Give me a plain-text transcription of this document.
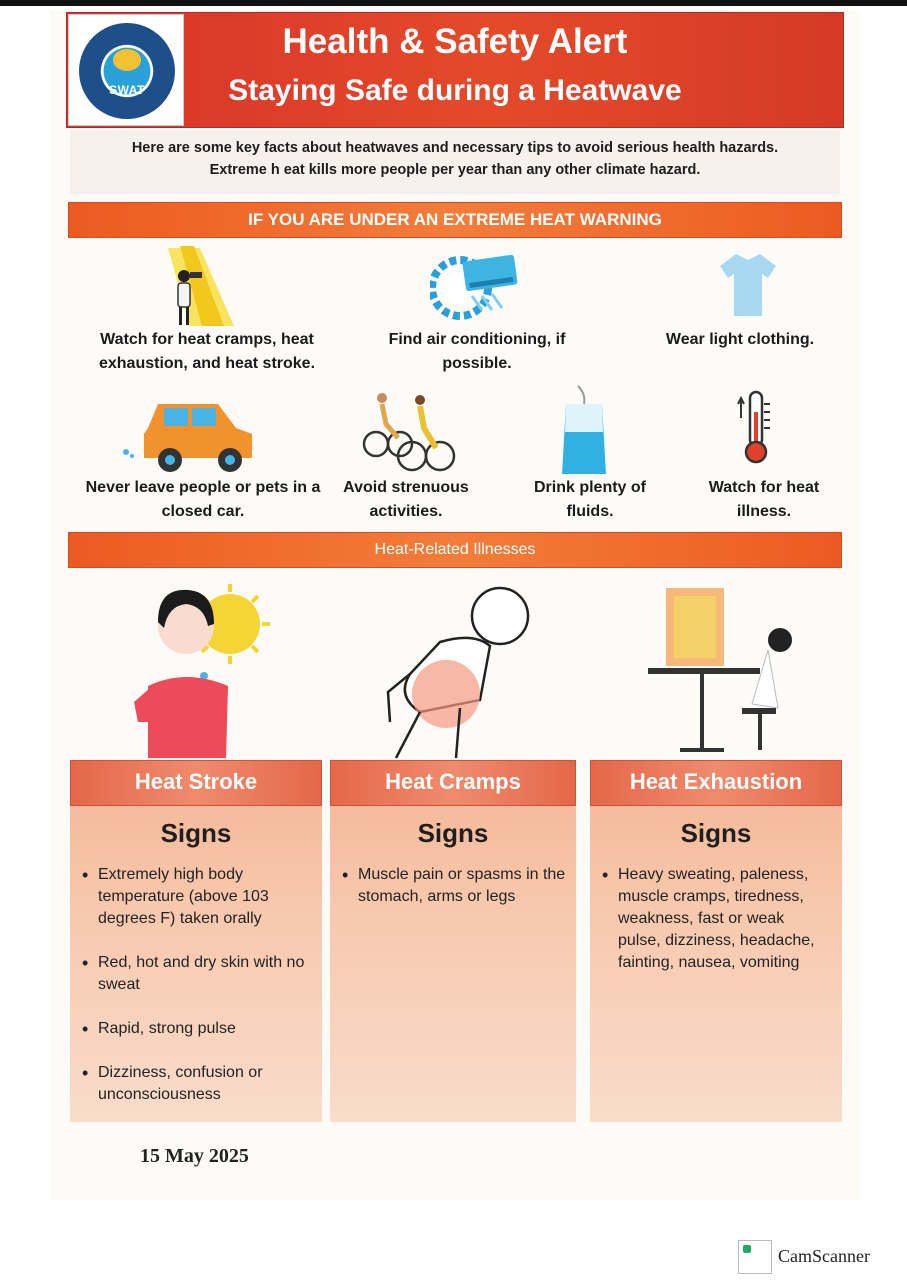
SWAT
Health & Safety Alert
Staying Safe during a Heatwave

Here are some key facts about heatwaves and necessary tips to avoid serious health hazards.

Extreme h eat kills more people per year than any other climate hazard.

IF YOU ARE UNDER AN EXTREME HEAT WARNING
Watch for heat cramps, heat exhaustion, and heat stroke.
Find air conditioning, if possible.
Wear light clothing.
Never leave people or pets in a closed car.
Avoid strenuous activities.
Drink plenty of fluids.
Watch for heat illness.
Heat-Related Illnesses
Heat Stroke
Signs
• Extremely high body temperature (above 103 degrees F) taken orally
• Red, hot and dry skin with no sweat
• Rapid, strong pulse
• Dizziness, confusion or unconsciousness
Heat Cramps
Signs
• Muscle pain or spasms in the stomach, arms or legs
Heat Exhaustion
Signs
• Heavy sweating, paleness, muscle cramps, tiredness, weakness, fast or weak pulse, dizziness, headache, fainting, nausea, vomiting
15 May 2025
CamScanner
